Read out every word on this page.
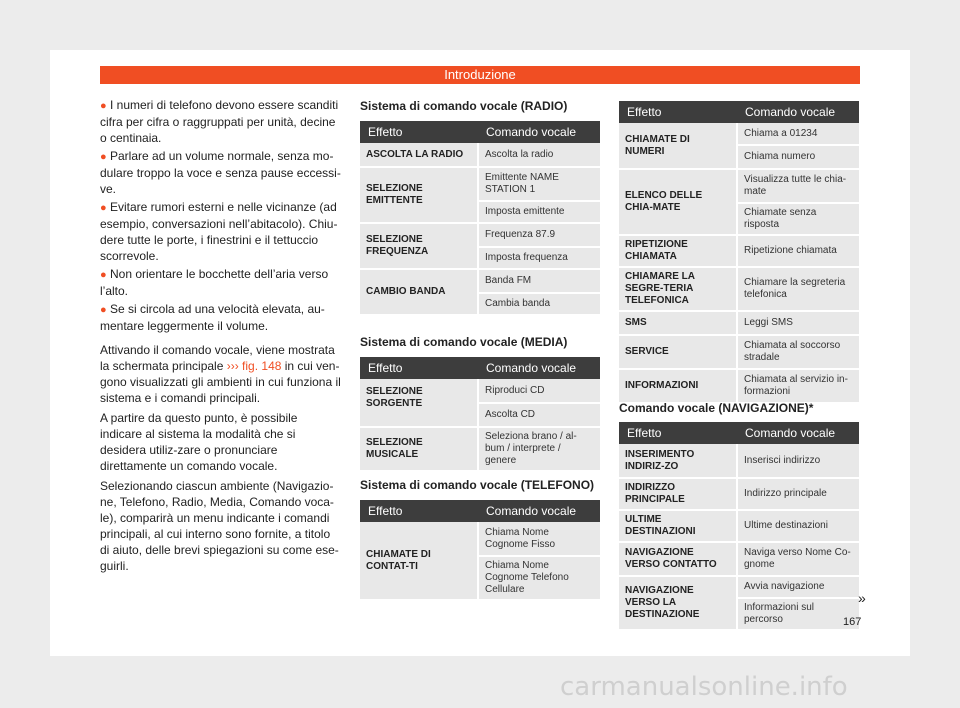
Introduzione
● I numeri di telefono devono essere scanditi cifra per cifra o raggruppati per unità, decine o centinaia.
● Parlare ad un volume normale, senza mo-dulare troppo la voce e senza pause eccessi-ve.
● Evitare rumori esterni e nelle vicinanze (ad esempio, conversazioni nell’abitacolo). Chiu-dere tutte le porte, i finestrini e il tettuccio scorrevole.
● Non orientare le bocchette dell’aria verso l’alto.
● Se si circola ad una velocità elevata, au-mentare leggermente il volume.

Attivando il comando vocale, viene mostrata la schermata principale ››› fig. 148 in cui ven-gono visualizzati gli ambienti in cui funziona il sistema e i comandi principali.

A partire da questo punto, è possibile indicare al sistema la modalità che si desidera utiliz-zare o pronunciare direttamente un comando vocale.

Selezionando ciascun ambiente (Navigazio-ne, Telefono, Radio, Media, Comando voca-le), comparirà un menu indicante i comandi principali, al cui interno sono fornite, a titolo di aiuto, delle brevi spiegazioni su come ese-guirli.

Sistema di comando vocale (RADIO)
Effetto	Comando vocale
ASCOLTA LA RADIO	Ascolta la radio
SELEZIONE EMITTENTE	Emittente NAME STATION 1
	Imposta emittente
SELEZIONE FREQUENZA	Frequenza 87.9
	Imposta frequenza
CAMBIO BANDA	Banda FM
	Cambia banda
Sistema di comando vocale (MEDIA)
Effetto	Comando vocale
SELEZIONE SORGENTE	Riproduci CD
	Ascolta CD
SELEZIONE MUSICALE	Seleziona brano / al-bum / interprete / genere
Sistema di comando vocale (TELEFONO)
Effetto	Comando vocale
CHIAMATE DI CONTAT-TI	Chiama Nome Cognome Fisso
	Chiama Nome Cognome Telefono Cellulare
Effetto	Comando vocale
CHIAMATE DI NUMERI	Chiama a 01234
	Chiama numero
ELENCO DELLE CHIA-MATE	Visualizza tutte le chia-mate
	Chiamate senza risposta
RIPETIZIONE CHIAMATA	Ripetizione chiamata
CHIAMARE LA SEGRE-TERIA TELEFONICA	Chiamare la segreteria telefonica
SMS	Leggi SMS
SERVICE	Chiamata al soccorso stradale
INFORMAZIONI	Chiamata al servizio in-formazioni
Comando vocale (NAVIGAZIONE)*
Effetto	Comando vocale
INSERIMENTO INDIRIZ-ZO	Inserisci indirizzo
INDIRIZZO PRINCIPALE	Indirizzo principale
ULTIME DESTINAZIONI	Ultime destinazioni
NAVIGAZIONE VERSO CONTATTO	Naviga verso Nome Co-gnome
NAVIGAZIONE VERSO LA DESTINAZIONE	Avvia navigazione
	Informazioni sul percorso
»
167
carmanualsonline.info
